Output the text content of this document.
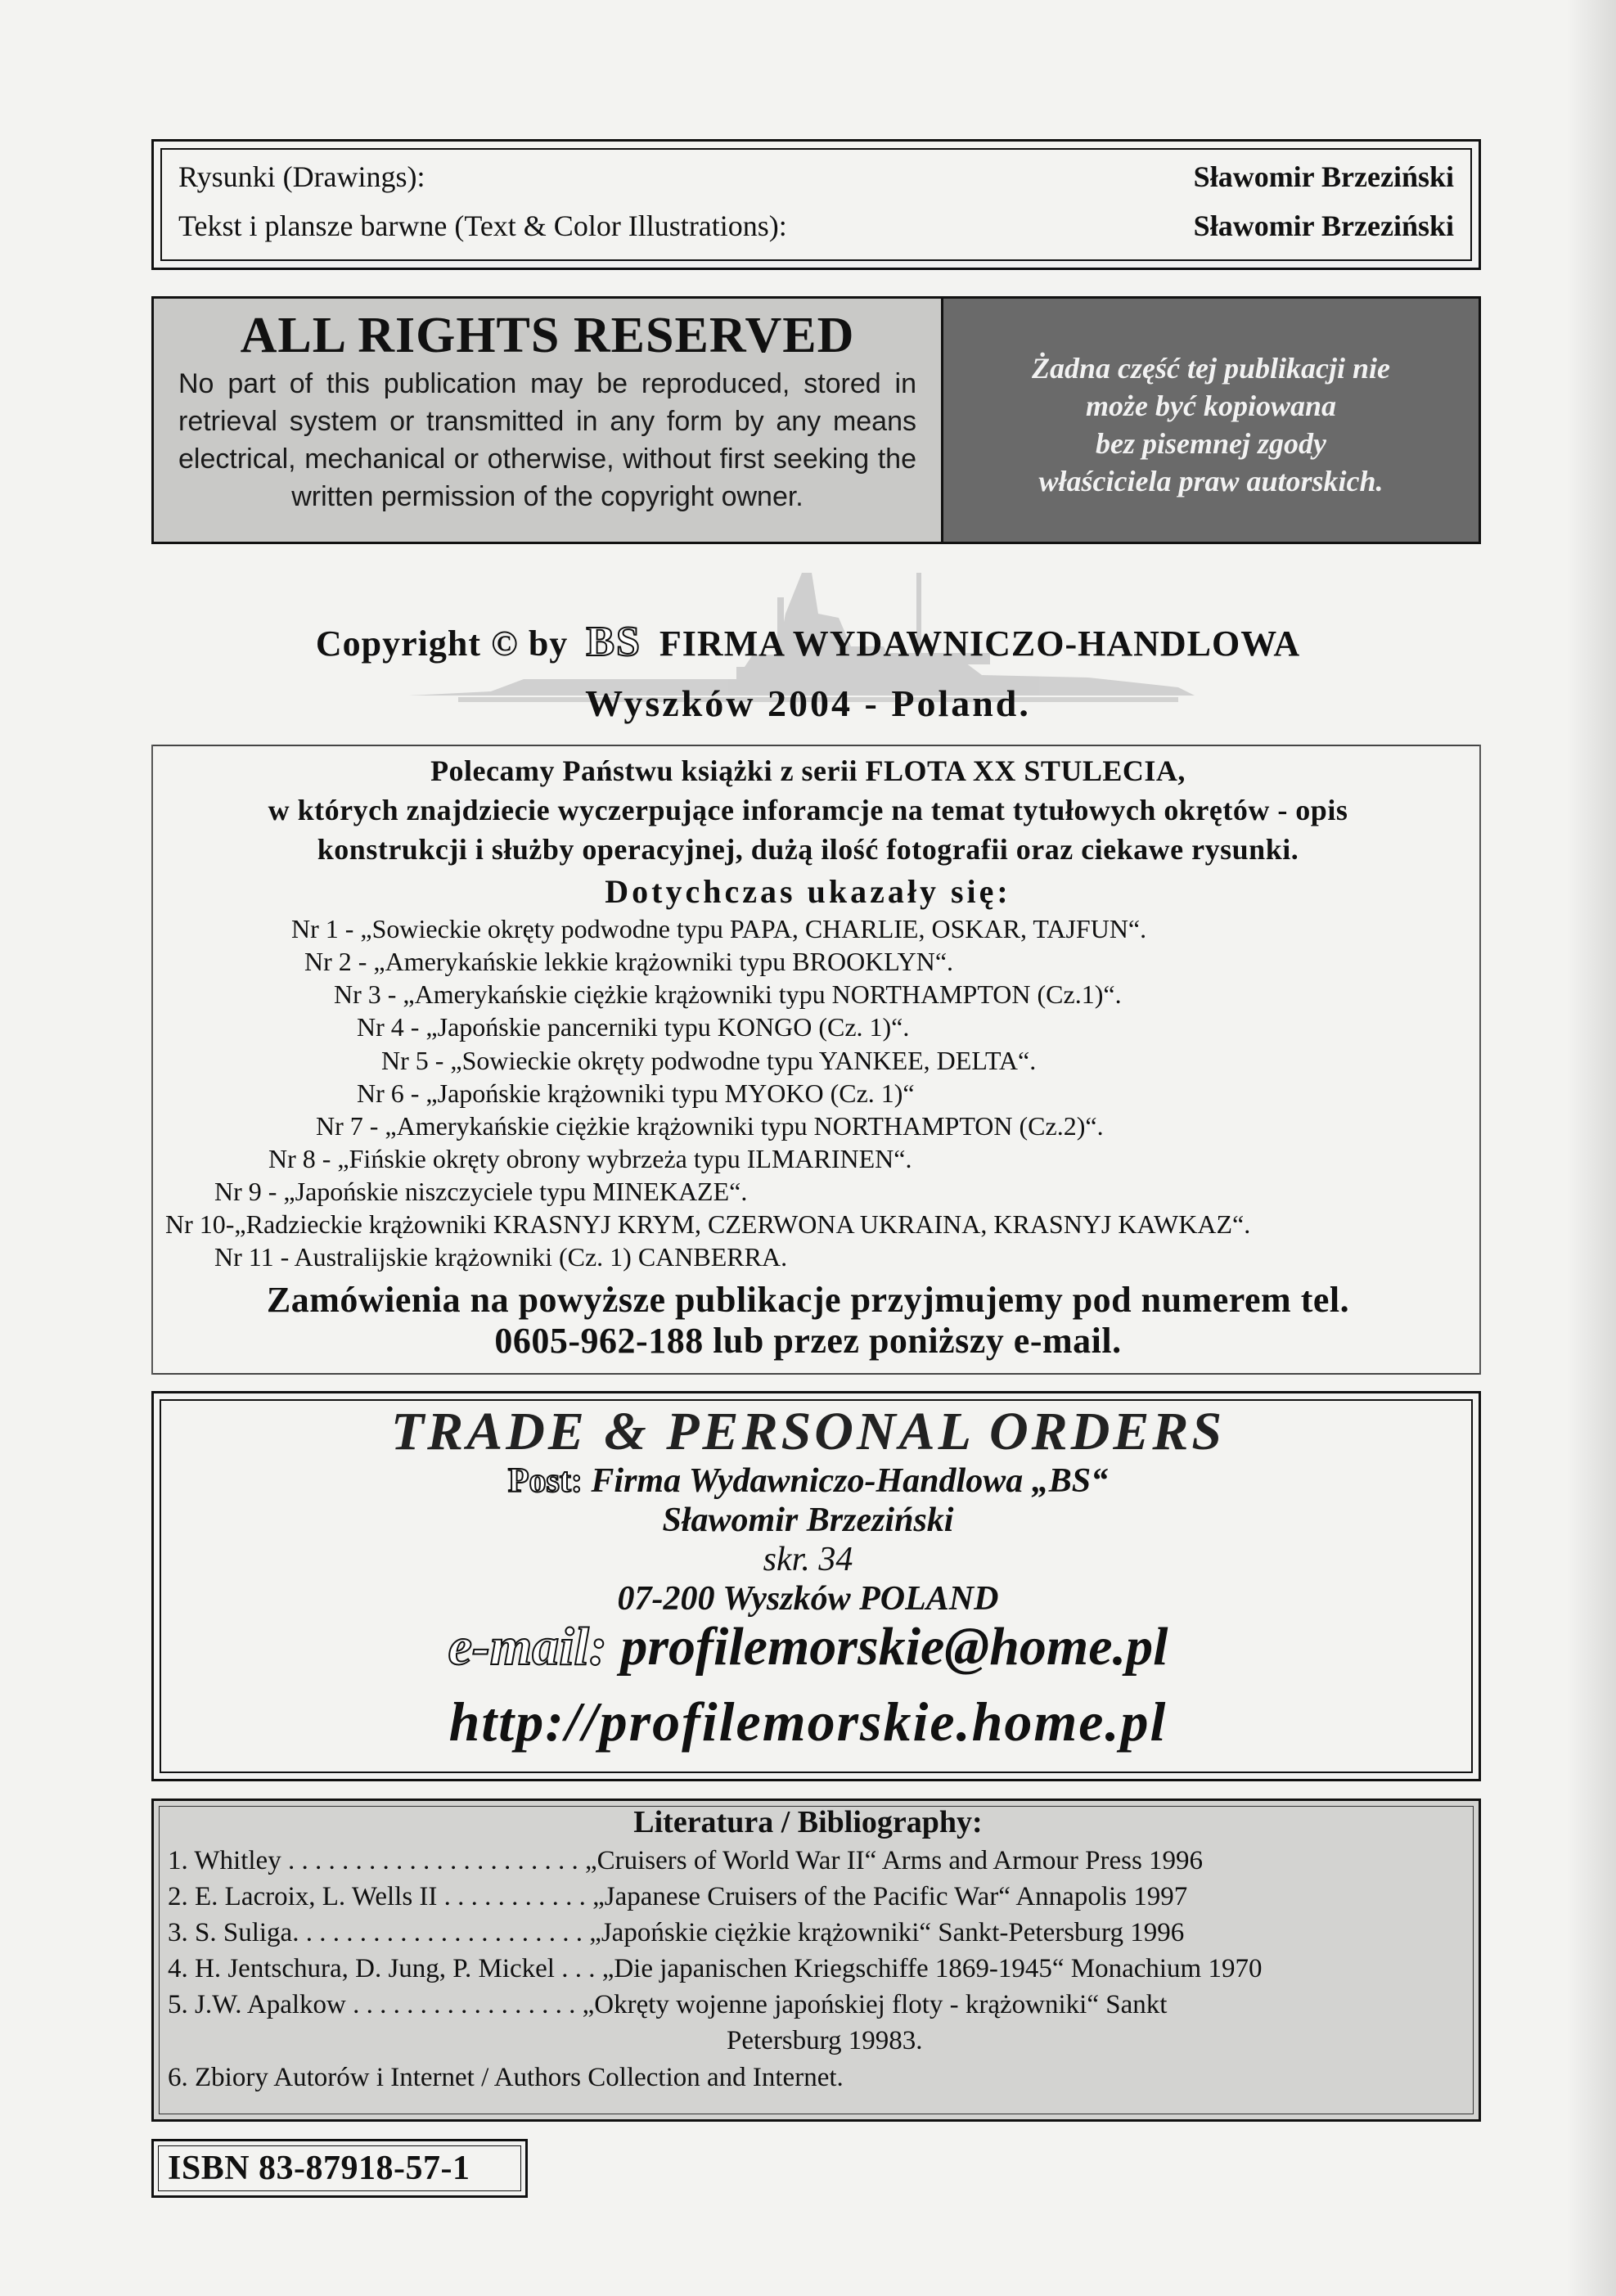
Rysunki (Drawings):	Sławomir Brzeziński
Tekst i plansze barwne (Text & Color Illustrations):	Sławomir Brzeziński
ALL RIGHTS RESERVED
No part of this publication may be reproduced, stored in retrieval system or transmitted in any form by any means electrical, mechanical or otherwise, without first seeking the written permission of the copyright owner.
Żadna część tej publikacji nie
może być kopiowana
bez pisemnej zgody
właściciela praw autorskich.
Copyright © by BS FIRMA WYDAWNICZO-HANDLOWA
Wyszków 2004 - Poland.
Polecamy Państwu książki z serii FLOTA XX STULECIA,
w których znajdziecie wyczerpujące inforamcje na temat tytułowych okrętów - opis
konstrukcji i służby operacyjnej, dużą ilość fotografii oraz ciekawe rysunki.
Dotychczas ukazały się:
Nr 1 - „Sowieckie okręty podwodne typu PAPA, CHARLIE, OSKAR, TAJFUN“.
Nr 2 - „Amerykańskie lekkie krążowniki typu BROOKLYN“.
Nr 3 - „Amerykańskie ciężkie krążowniki typu NORTHAMPTON (Cz.1)“.
Nr 4 - „Japońskie pancerniki typu KONGO (Cz. 1)“.
Nr 5 - „Sowieckie okręty podwodne typu YANKEE, DELTA“.
Nr 6 - „Japońskie krążowniki typu MYOKO (Cz. 1)“
Nr 7 - „Amerykańskie ciężkie krążowniki typu NORTHAMPTON (Cz.2)“.
Nr 8 - „Fińskie okręty obrony wybrzeża typu ILMARINEN“.
Nr 9 - „Japońskie niszczyciele typu MINEKAZE“.
Nr 10-„Radzieckie krążowniki KRASNYJ KRYM, CZERWONA UKRAINA, KRASNYJ KAWKAZ“.
Nr 11 - Australijskie krążowniki (Cz. 1) CANBERRA.
Zamówienia na powyższe publikacje przyjmujemy pod numerem tel.
0605-962-188 lub przez poniższy e-mail.
TRADE & PERSONAL ORDERS
Post: Firma Wydawniczo-Handlowa „BS“
Sławomir Brzeziński
skr. 34
07-200 Wyszków POLAND
e-mail: profilemorskie@home.pl
http://profilemorskie.home.pl
Literatura / Bibliography:
1. Whitley . . . . . . . . . . . . . . . . . . . . . . „Cruisers of World War II“ Arms and Armour Press 1996
2. E. Lacroix, L. Wells II . . . . . . . . . . . „Japanese Cruisers of the Pacific War“ Annapolis 1997
3. S. Suliga. . . . . . . . . . . . . . . . . . . . . . „Japońskie ciężkie krążowniki“ Sankt-Petersburg 1996
4. H. Jentschura, D. Jung, P. Mickel . . . „Die japanischen Kriegschiffe 1869-1945“ Monachium 1970
5. J.W. Apalkow . . . . . . . . . . . . . . . . . „Okręty wojenne japońskiej floty - krążowniki“ Sankt
Petersburg 19983.
6. Zbiory Autorów i Internet / Authors Collection and Internet.
ISBN 83-87918-57-1
